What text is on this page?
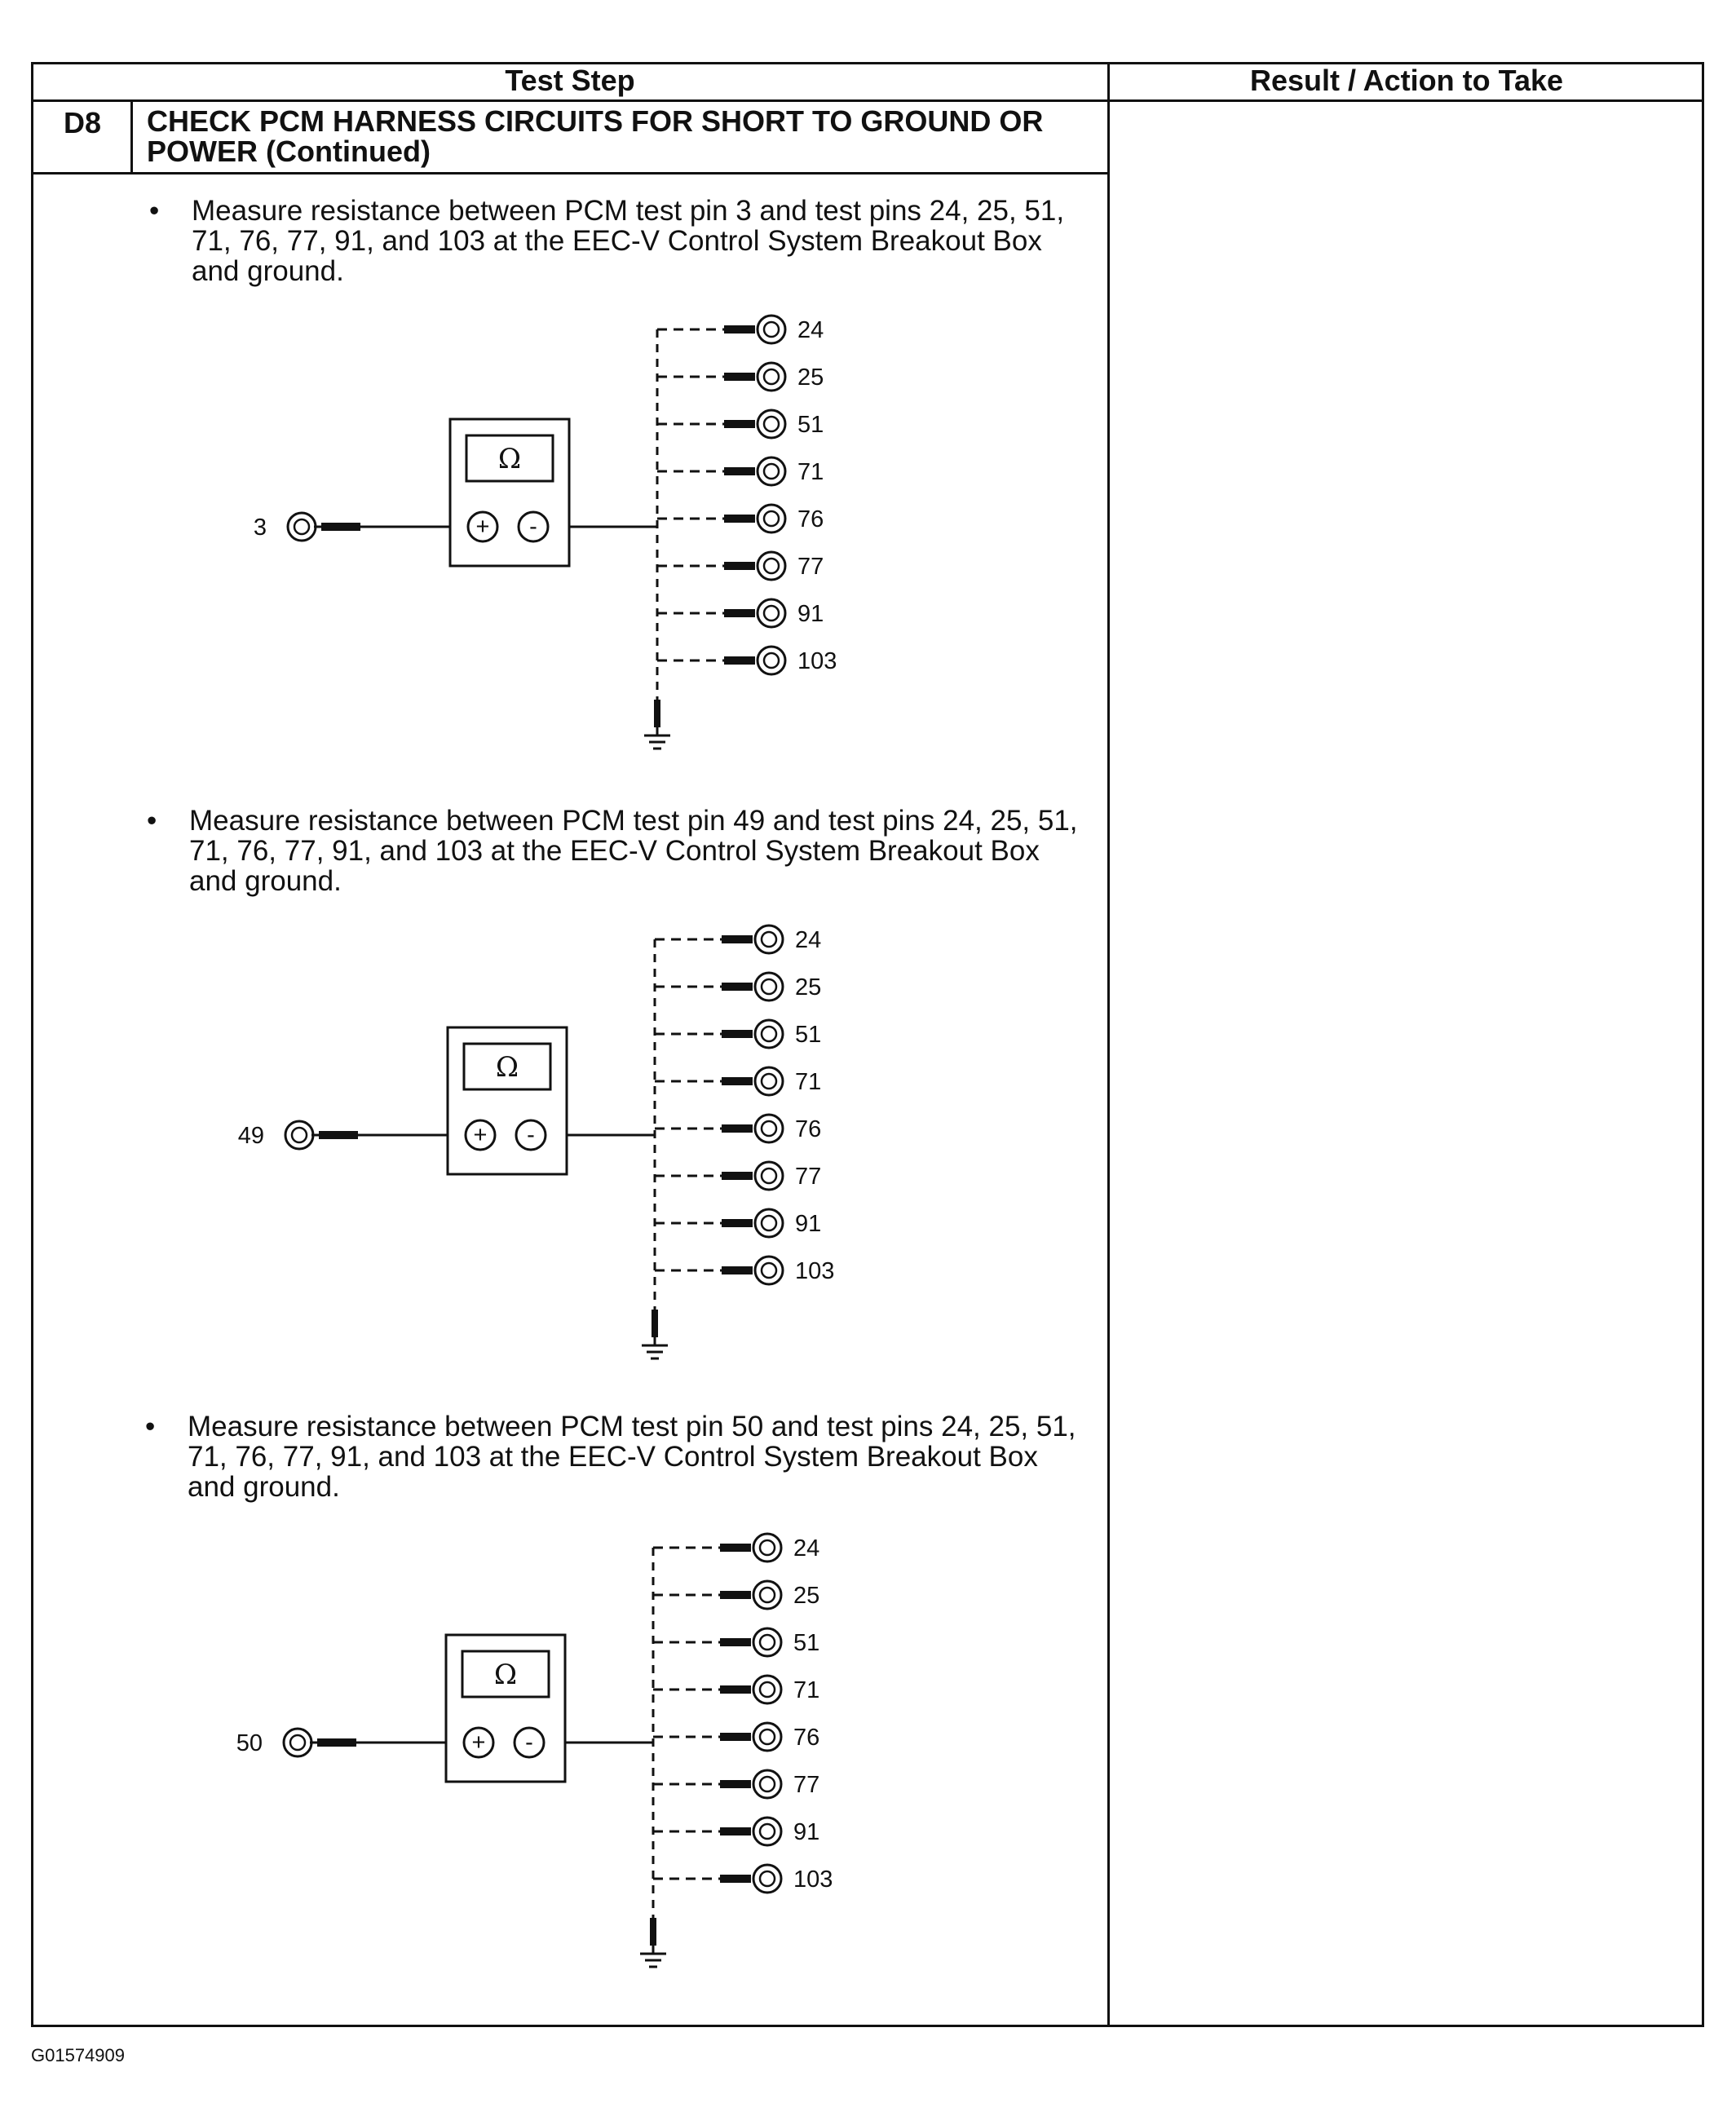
Test Step	Result / Action to Take
D8 CHECK PCM HARNESS CIRCUITS FOR SHORT TO GROUND OR POWER (Continued)
• Measure resistance between PCM test pin 3 and test pins 24, 25, 51, 71, 76, 77, 91, and 103 at the EEC-V Control System Breakout Box and ground.
• Measure resistance between PCM test pin 49 and test pins 24, 25, 51, 71, 76, 77, 91, and 103 at the EEC-V Control System Breakout Box and ground.
• Measure resistance between PCM test pin 50 and test pins 24, 25, 51, 71, 76, 77, 91, and 103 at the EEC-V Control System Breakout Box and ground.
3
Ω
+ -
24
25
51
71
76
77
91
103
49
Ω
+ -
24
25
51
71
76
77
91
103
50
Ω
+ -
24
25
51
71
76
77
91
103
G01574909
